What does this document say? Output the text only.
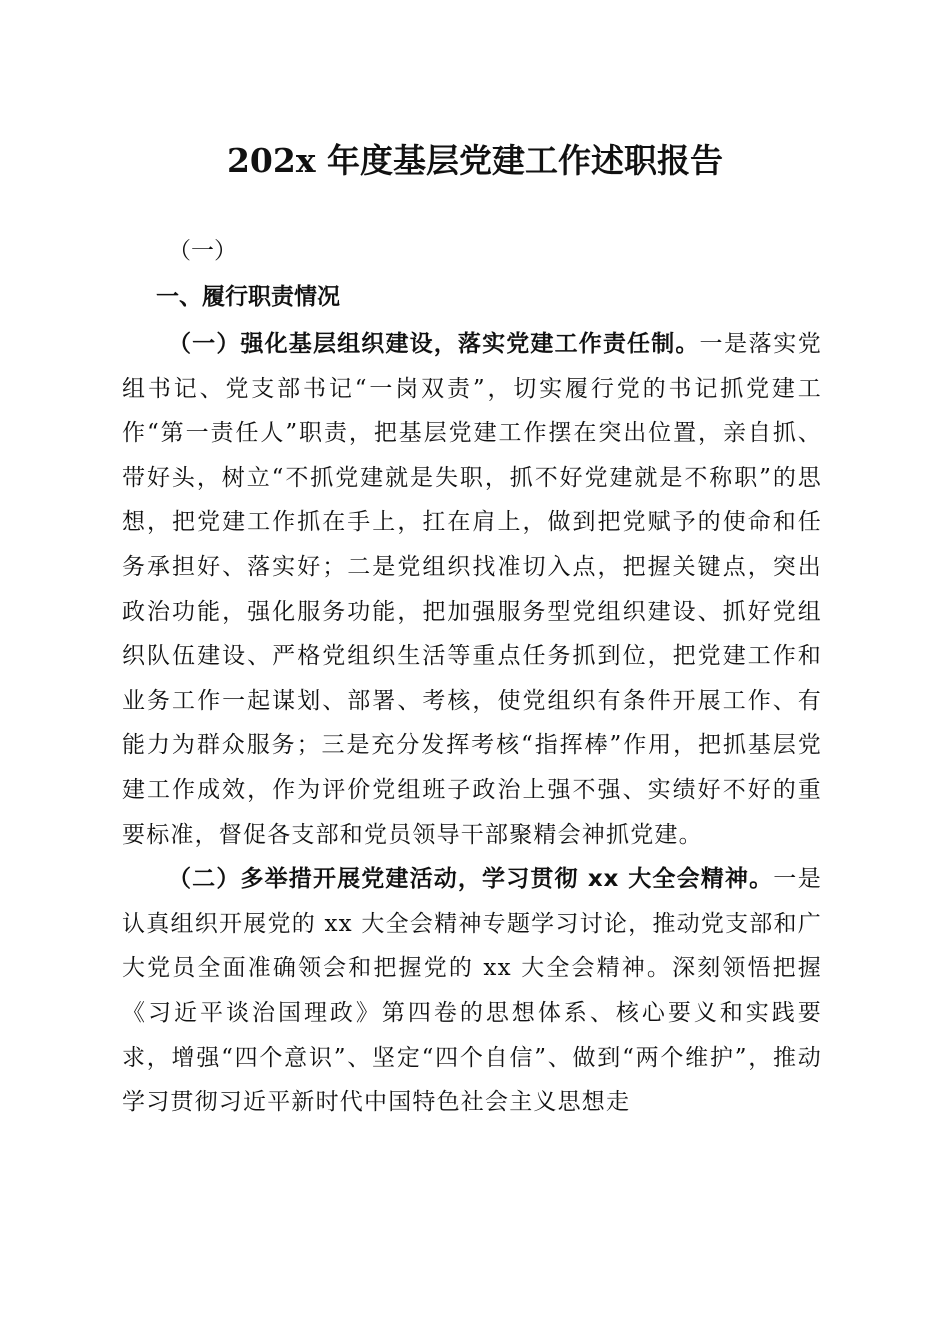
202x 年度基层党建工作述职报告

（一）

一、履行职责情况

（一）强化基层组织建设，落实党建工作责任制。一是落实党组书记、党支部书记“一岗双责”，切实履行党的书记抓党建工作“第一责任人”职责，把基层党建工作摆在突出位置，亲自抓、带好头，树立“不抓党建就是失职，抓不好党建就是不称职”的思想，把党建工作抓在手上，扛在肩上，做到把党赋予的使命和任务承担好、落实好；二是党组织找准切入点，把握关键点，突出政治功能，强化服务功能，把加强服务型党组织建设、抓好党组织队伍建设、严格党组织生活等重点任务抓到位，把党建工作和业务工作一起谋划、部署、考核，使党组织有条件开展工作、有能力为群众服务；三是充分发挥考核“指挥棒”作用，把抓基层党建工作成效，作为评价党组班子政治上强不强、实绩好不好的重要标准，督促各支部和党员领导干部聚精会神抓党建。

（二）多举措开展党建活动，学习贯彻 xx 大全会精神。一是认真组织开展党的 xx 大全会精神专题学习讨论，推动党支部和广大党员全面准确领会和把握党的 xx 大全会精神。深刻领悟把握《习近平谈治国理政》第四卷的思想体系、核心要义和实践要求，增强“四个意识”、坚定“四个自信”、做到“两个维护”，推动学习贯彻习近平新时代中国特色社会主义思想走
